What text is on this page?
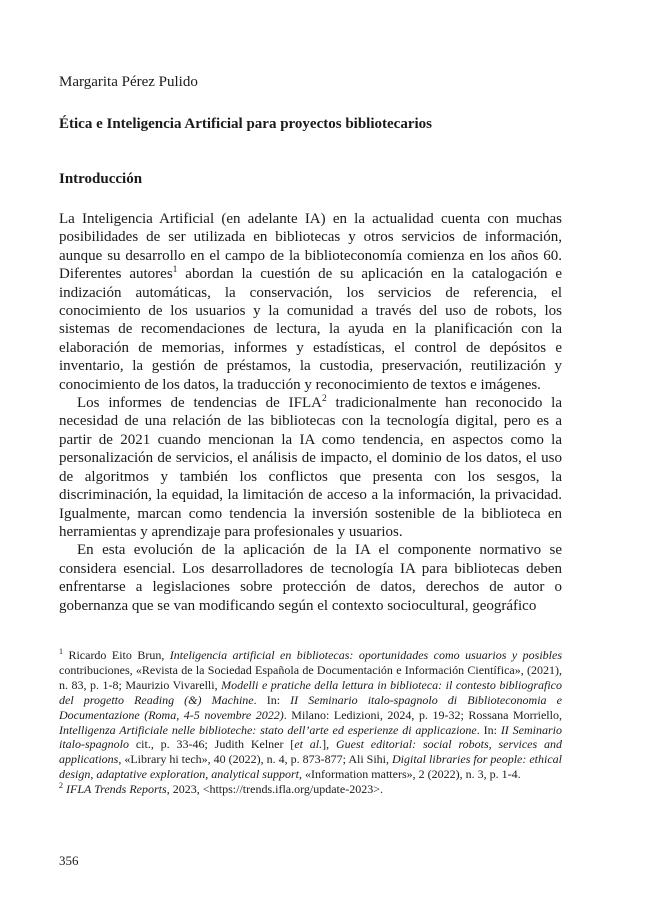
Margarita Pérez Pulido
Ética e Inteligencia Artificial para proyectos bibliotecarios
Introducción

La Inteligencia Artificial (en adelante IA) en la actualidad cuenta con muchas posibilidades de ser utilizada en bibliotecas y otros servicios de información, aunque su desarrollo en el campo de la biblioteconomía comienza en los años 60. Diferentes autores$^1$ abordan la cuestión de su aplicación en la catalogación e indización automáticas, la conservación, los servicios de referencia, el conocimiento de los usuarios y la comunidad a través del uso de robots, los sistemas de recomendaciones de lectura, la ayuda en la planificación con la elaboración de memorias, informes y estadísticas, el control de depósitos e inventario, la gestión de préstamos, la custodia, preservación, reutilización y conocimiento de los datos, la traducción y reconocimiento de textos e imágenes.

Los informes de tendencias de IFLA$^2$ tradicionalmente han reconocido la necesidad de una relación de las bibliotecas con la tecnología digital, pero es a partir de 2021 cuando mencionan la IA como tendencia, en aspectos como la personalización de servicios, el análisis de impacto, el dominio de los datos, el uso de algoritmos y también los conflictos que presenta con los sesgos, la discriminación, la equidad, la limitación de acceso a la información, la privacidad. Igualmente, marcan como tendencia la inversión sostenible de la biblioteca en herramientas y aprendizaje para profesionales y usuarios.

En esta evolución de la aplicación de la IA el componente normativo se considera esencial. Los desarrolladores de tecnología IA para bibliotecas deben enfrentarse a legislaciones sobre protección de datos, derechos de autor o gobernanza que se van modificando según el contexto sociocultural, geográfico

$^1$ Ricardo Eito Brun, Inteligencia artificial en bibliotecas: oportunidades como usuarios y posibles contribuciones, «Revista de la Sociedad Española de Documentación e Información Científica», (2021), n. 83, p. 1-8; Maurizio Vivarelli, Modelli e pratiche della lettura in biblioteca: il contesto bibliografico del progetto Reading (&) Machine. In: II Seminario italo-spagnolo di Biblioteconomia e Documentazione (Roma, 4-5 novembre 2022). Milano: Ledizioni, 2024, p. 19-32; Rossana Morriello, Intelligenza Artificiale nelle biblioteche: stato dell’arte ed esperienze di applicazione. In: II Seminario italo-spagnolo cit., p. 33-46; Judith Kelner [et al.], Guest editorial: social robots, services and applications, «Library hi tech», 40 (2022), n. 4, p. 873-877; Ali Sihi, Digital libraries for people: ethical design, adaptative exploration, analytical support, «Information matters», 2 (2022), n. 3, p. 1-4.

$^2$ IFLA Trends Reports, 2023, <https://trends.ifla.org/update-2023>.

356
